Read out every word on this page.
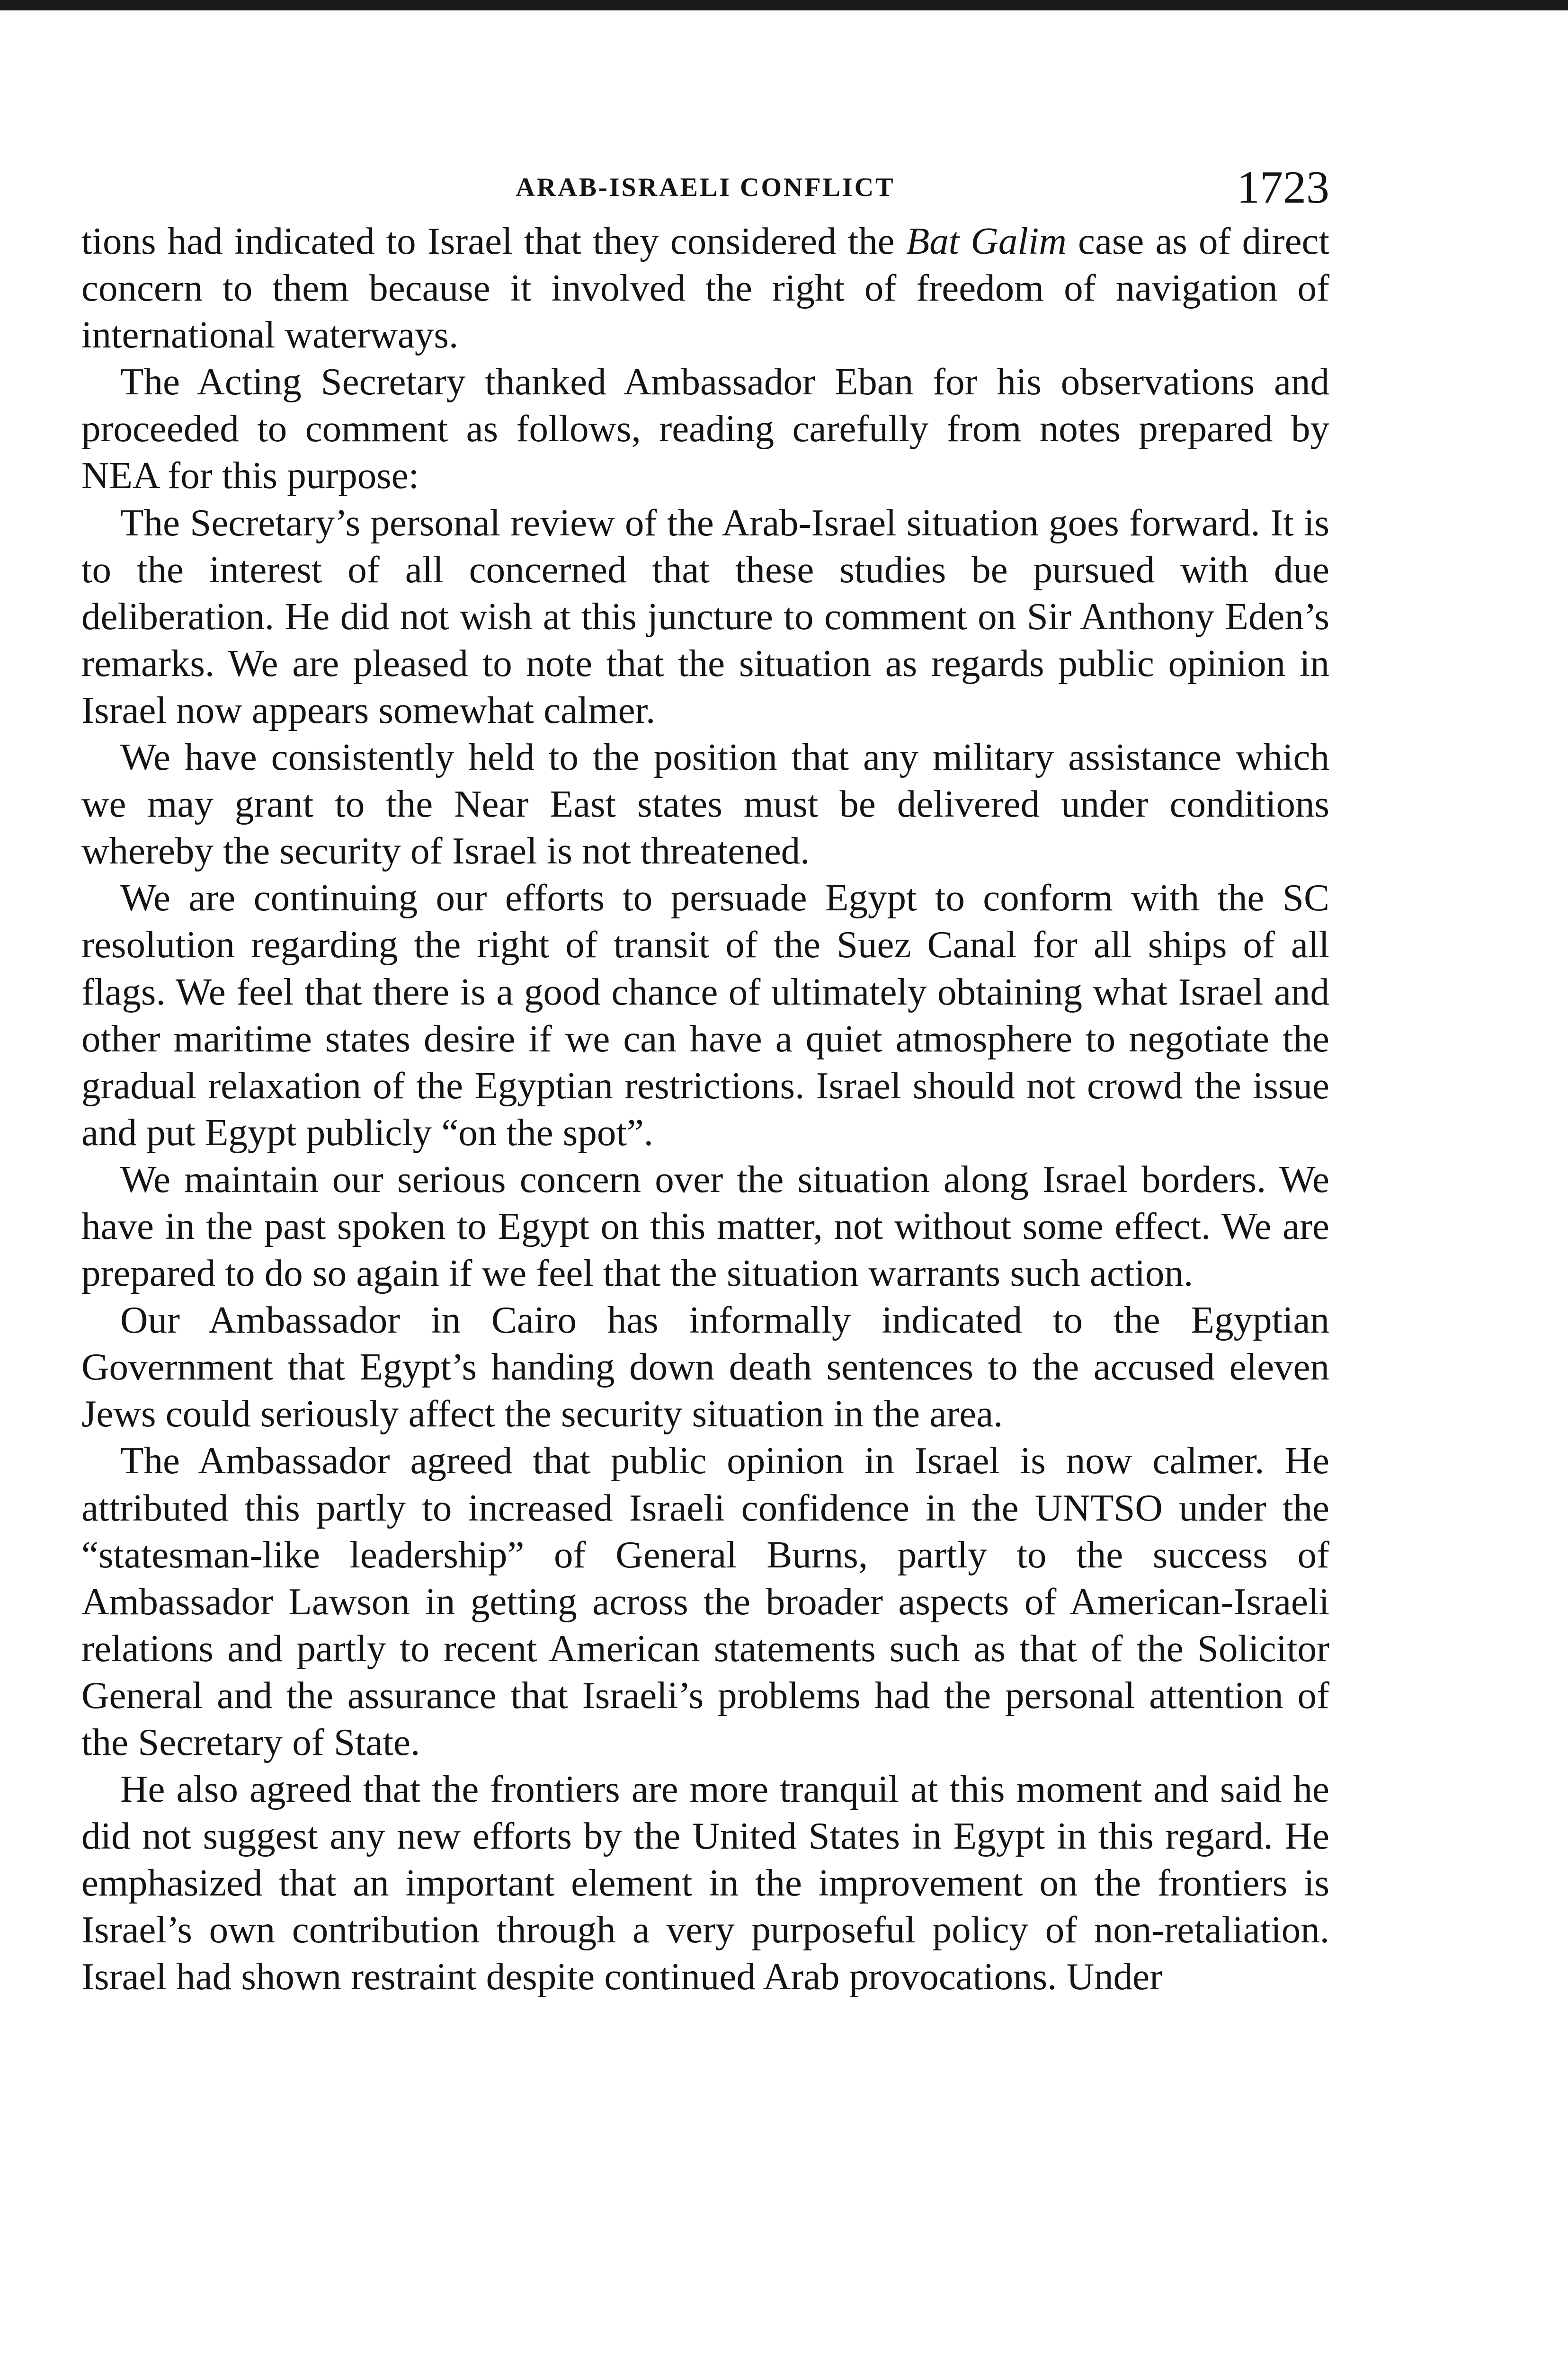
ARAB-ISRAELI CONFLICT	1723

tions had indicated to Israel that they considered the Bat Galim case as of direct concern to them because it involved the right of freedom of navigation of international waterways.

The Acting Secretary thanked Ambassador Eban for his observations and proceeded to comment as follows, reading carefully from notes prepared by NEA for this purpose:

The Secretary’s personal review of the Arab-Israel situation goes forward. It is to the interest of all concerned that these studies be pursued with due deliberation. He did not wish at this juncture to comment on Sir Anthony Eden’s remarks. We are pleased to note that the situation as regards public opinion in Israel now appears somewhat calmer.

We have consistently held to the position that any military assistance which we may grant to the Near East states must be delivered under conditions whereby the security of Israel is not threatened.

We are continuing our efforts to persuade Egypt to conform with the SC resolution regarding the right of transit of the Suez Canal for all ships of all flags. We feel that there is a good chance of ultimately obtaining what Israel and other maritime states desire if we can have a quiet atmosphere to negotiate the gradual relaxation of the Egyptian restrictions. Israel should not crowd the issue and put Egypt publicly “on the spot”.

We maintain our serious concern over the situation along Israel borders. We have in the past spoken to Egypt on this matter, not without some effect. We are prepared to do so again if we feel that the situation warrants such action.

Our Ambassador in Cairo has informally indicated to the Egyptian Government that Egypt’s handing down death sentences to the accused eleven Jews could seriously affect the security situation in the area.

The Ambassador agreed that public opinion in Israel is now calmer. He attributed this partly to increased Israeli confidence in the UNTSO under the “statesman-like leadership” of General Burns, partly to the success of Ambassador Lawson in getting across the broader aspects of American-Israeli relations and partly to recent American statements such as that of the Solicitor General and the assurance that Israeli’s problems had the personal attention of the Secretary of State.

He also agreed that the frontiers are more tranquil at this moment and said he did not suggest any new efforts by the United States in Egypt in this regard. He emphasized that an important element in the improvement on the frontiers is Israel’s own contribution through a very purposeful policy of non-retaliation. Israel had shown restraint despite continued Arab provocations. Under
